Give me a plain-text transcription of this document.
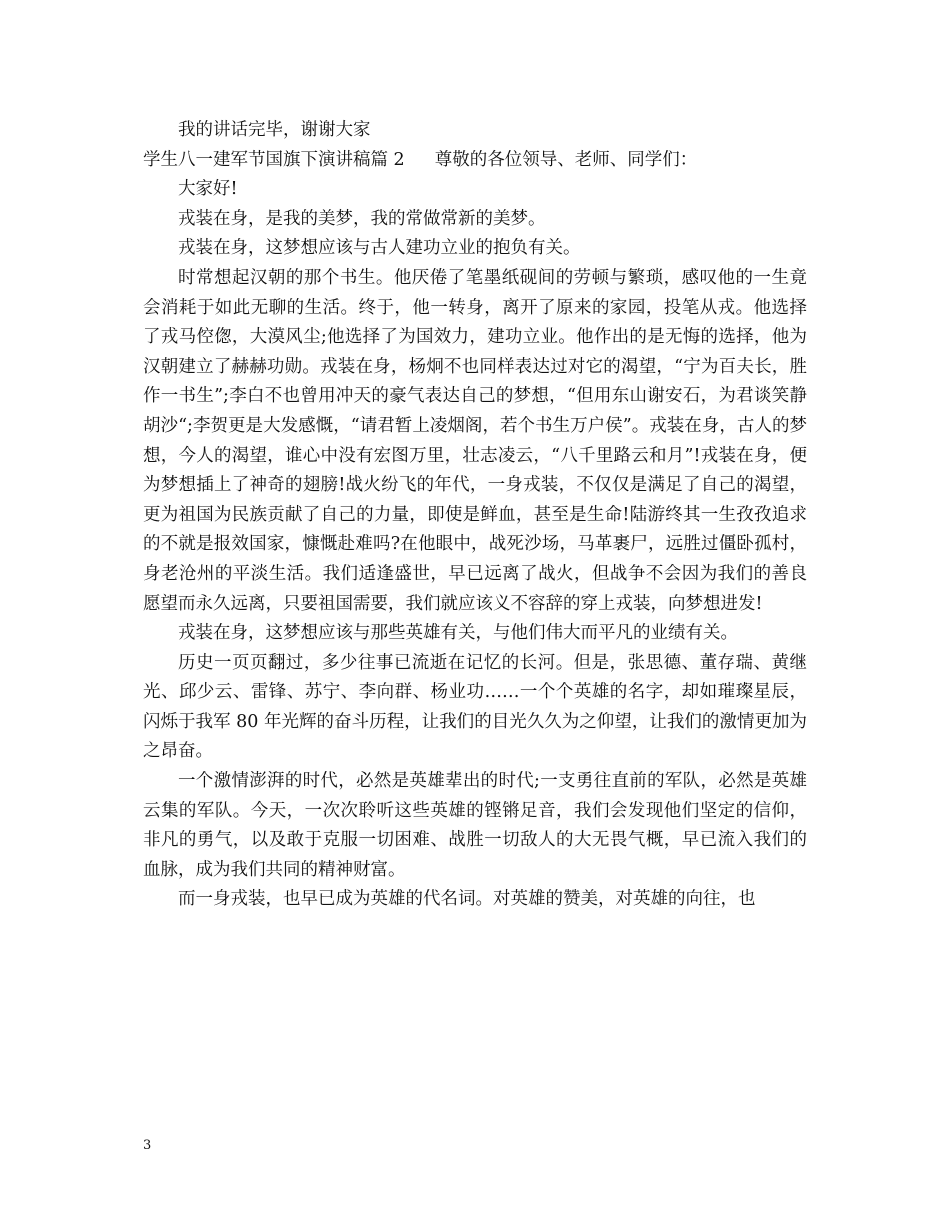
我的讲话完毕，谢谢大家

学生八一建军节国旗下演讲稿篇 2 尊敬的各位领导、老师、同学们：

大家好!

戎装在身，是我的美梦，我的常做常新的美梦。

戎装在身，这梦想应该与古人建功立业的抱负有关。

时常想起汉朝的那个书生。他厌倦了笔墨纸砚间的劳顿与繁琐，感叹他的一生竟会消耗于如此无聊的生活。终于，他一转身，离开了原来的家园，投笔从戎。他选择了戎马倥偬，大漠风尘;他选择了为国效力，建功立业。他作出的是无悔的选择，他为汉朝建立了赫赫功勋。戎装在身，杨炯不也同样表达过对它的渴望，“宁为百夫长，胜作一书生”;李白不也曾用冲天的豪气表达自己的梦想，“但用东山谢安石，为君谈笑静胡沙“;李贺更是大发感慨，“请君暂上凌烟阁，若个书生万户侯”。戎装在身，古人的梦想，今人的渴望，谁心中没有宏图万里，壮志凌云，“八千里路云和月”!戎装在身，便为梦想插上了神奇的翅膀!战火纷飞的年代，一身戎装，不仅仅是满足了自己的渴望，更为祖国为民族贡献了自己的力量，即使是鲜血，甚至是生命!陆游终其一生孜孜追求的不就是报效国家，慷慨赴难吗?在他眼中，战死沙场，马革裹尸，远胜过僵卧孤村，身老沧州的平淡生活。我们适逢盛世，早已远离了战火，但战争不会因为我们的善良愿望而永久远离，只要祖国需要，我们就应该义不容辞的穿上戎装，向梦想进发!

戎装在身，这梦想应该与那些英雄有关，与他们伟大而平凡的业绩有关。

历史一页页翻过，多少往事已流逝在记忆的长河。但是，张思德、董存瑞、黄继光、邱少云、雷锋、苏宁、李向群、杨业功……一个个英雄的名字，却如璀璨星辰，闪烁于我军 80 年光辉的奋斗历程，让我们的目光久久为之仰望，让我们的激情更加为之昂奋。

一个激情澎湃的时代，必然是英雄辈出的时代;一支勇往直前的军队，必然是英雄云集的军队。今天，一次次聆听这些英雄的铿锵足音，我们会发现他们坚定的信仰，非凡的勇气，以及敢于克服一切困难、战胜一切敌人的大无畏气概，早已流入我们的血脉，成为我们共同的精神财富。

而一身戎装，也早已成为英雄的代名词。对英雄的赞美，对英雄的向往，也

3
